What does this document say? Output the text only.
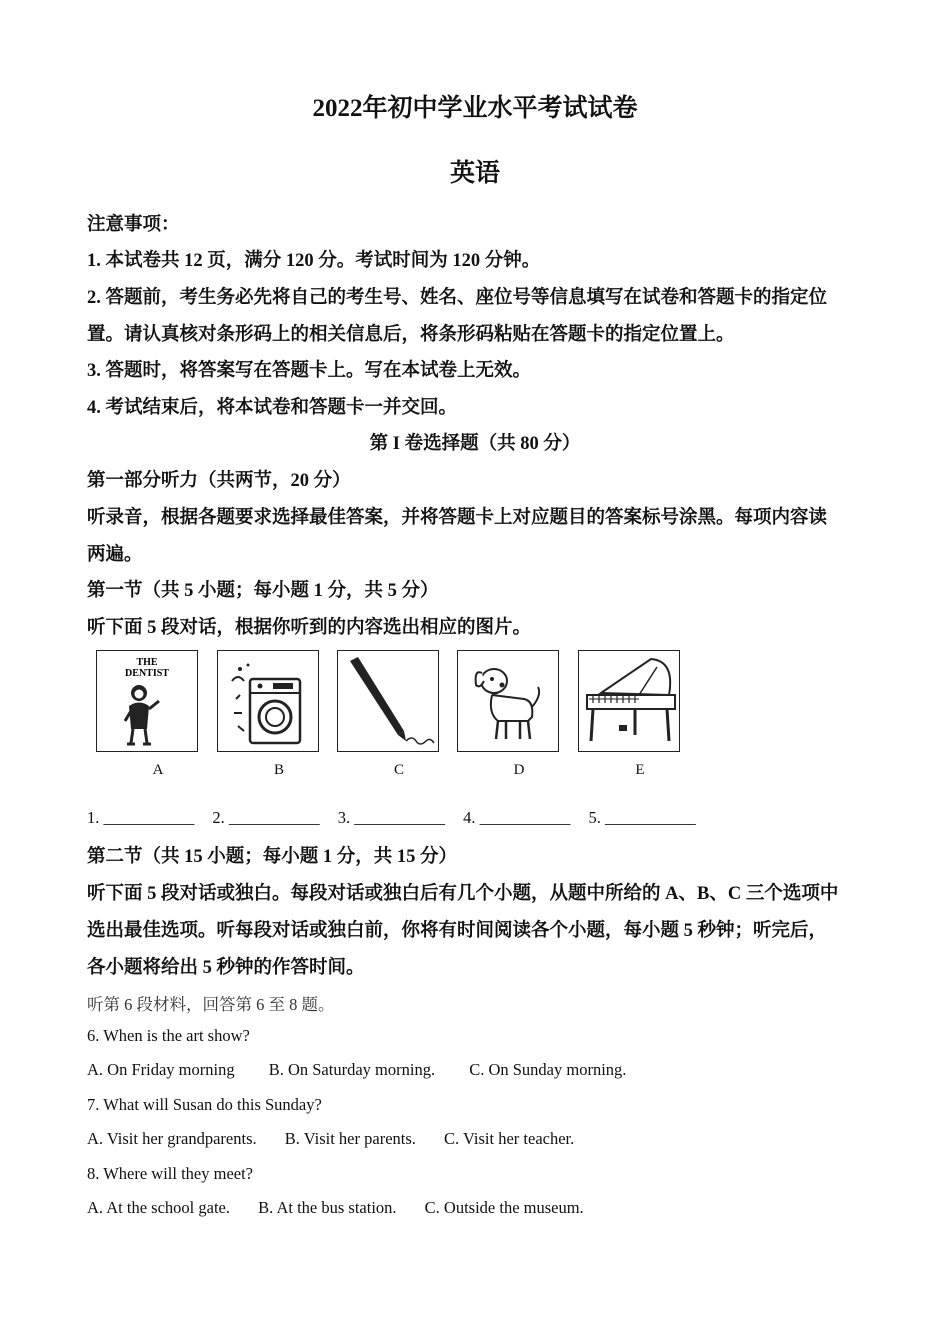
2022年初中学业水平考试试卷
英语
注意事项：
1. 本试卷共 12 页，满分 120 分。考试时间为 120 分钟。
2. 答题前，考生务必先将自己的考生号、姓名、座位号等信息填写在试卷和答题卡的指定位
置。请认真核对条形码上的相关信息后，将条形码粘贴在答题卡的指定位置上。
3. 答题时，将答案写在答题卡上。写在本试卷上无效。
4. 考试结束后，将本试卷和答题卡一并交回。
第 I 卷选择题（共 80 分）
第一部分听力（共两节，20 分）
听录音，根据各题要求选择最佳答案，并将答题卡上对应题目的答案标号涂黑。每项内容读
两遍。
第一节（共 5 小题；每小题 1 分，共 5 分）
听下面 5 段对话，根据你听到的内容选出相应的图片。
THE
DENTIST
A	B	C	D	E
1. ___________ 2. ___________ 3. ___________ 4. ___________ 5. ___________
第二节（共 15 小题；每小题 1 分，共 15 分）
听下面 5 段对话或独白。每段对话或独白后有几个小题，从题中所给的 A、B、C 三个选项中
选出最佳选项。听每段对话或独白前，你将有时间阅读各个小题，每小题 5 秒钟；听完后，
各小题将给出 5 秒钟的作答时间。
听第 6 段材料，回答第 6 至 8 题。
6. When is the art show?
A. On Friday morning B. On Saturday morning. C. On Sunday morning.
7. What will Susan do this Sunday?
A. Visit her grandparents. B. Visit her parents. C. Visit her teacher.
8. Where will they meet?
A. At the school gate. B. At the bus station. C. Outside the museum.
